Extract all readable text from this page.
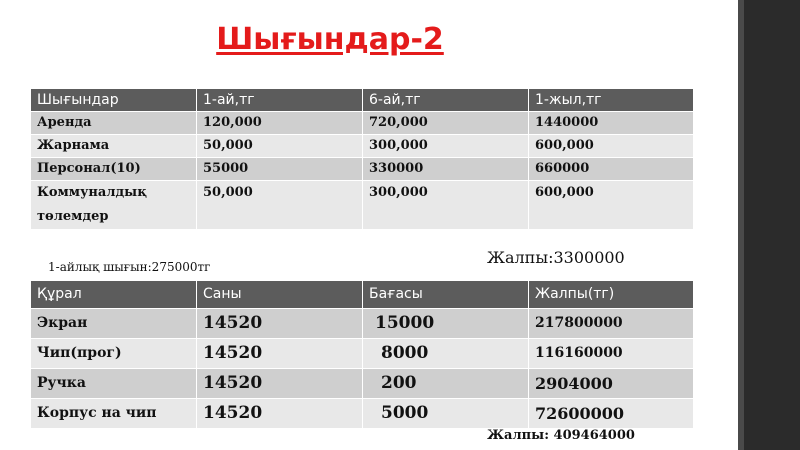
Шығындар-2
Шығындар	1-ай,тг	6-ай,тг	1-жыл,тг
Аренда	120,000	720,000	1440000
Жарнама	50,000	300,000	600,000
Персонал(10)	55000	330000	660000
Коммуналдық төлемдер	50,000	300,000	600,000
1-айлық шығын:275000тг	Жалпы:3300000
Құрал	Саны	Бағасы	Жалпы(тг)
Экран	14520	15000	217800000
Чип(прог)	14520	8000	116160000
Ручка	14520	200	2904000
Корпус на чип	14520	5000	72600000
Жалпы: 409464000
